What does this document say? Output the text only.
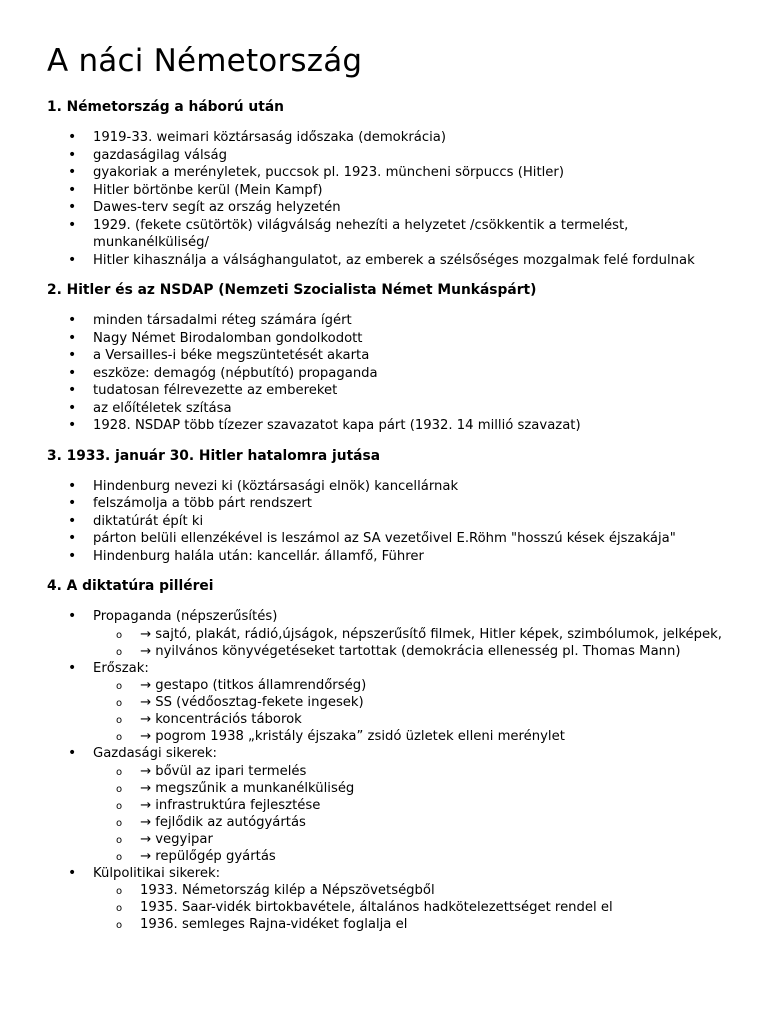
A náci Németország
1. Németország a háború után
• 1919-33. weimari köztársaság időszaka (demokrácia)
• gazdaságilag válság
• gyakoriak a merényletek, puccsok pl. 1923. müncheni sörpuccs (Hitler)
• Hitler börtönbe kerül (Mein Kampf)
• Dawes-terv segít az ország helyzetén
• 1929. (fekete csütörtök) világválság nehezíti a helyzetet /csökkentik a termelést, munkanélküliség/
• Hitler kihasználja a válsághangulatot, az emberek a szélsőséges mozgalmak felé fordulnak
2. Hitler és az NSDAP (Nemzeti Szocialista Német Munkáspárt)
• minden társadalmi réteg számára ígért
• Nagy Német Birodalomban gondolkodott
• a Versailles-i béke megszüntetését akarta
• eszköze: demagóg (népbutító) propaganda
• tudatosan félrevezette az embereket
• az előítéletek szítása
• 1928. NSDAP több tízezer szavazatot kapa párt (1932. 14 millió szavazat)
3. 1933. január 30. Hitler hatalomra jutása
• Hindenburg nevezi ki (köztársasági elnök) kancellárnak
• felszámolja a több párt rendszert
• diktatúrát épít ki
• párton belüli ellenzékével is leszámol az SA vezetőivel E.Röhm "hosszú kések éjszakája"
• Hindenburg halála után: kancellár. államfő, Führer
4. A diktatúra pillérei
• Propaganda (népszerűsítés)
o → sajtó, plakát, rádió,újságok, népszerűsítő filmek, Hitler képek, szimbólumok, jelképek,
o → nyilvános könyvégetéseket tartottak (demokrácia ellenesség pl. Thomas Mann)
• Erőszak:
o → gestapo (titkos államrendőrség)
o → SS (védőosztag-fekete ingesek)
o → koncentrációs táborok
o → pogrom 1938 „kristály éjszaka” zsidó üzletek elleni merénylet
• Gazdasági sikerek:
o → bővül az ipari termelés
o → megszűnik a munkanélküliség
o → infrastruktúra fejlesztése
o → fejlődik az autógyártás
o → vegyipar
o → repülőgép gyártás
• Külpolitikai sikerek:
o 1933. Németország kilép a Népszövetségből
o 1935. Saar-vidék birtokbavétele, általános hadkötelezettséget rendel el
o 1936. semleges Rajna-vidéket foglalja el
